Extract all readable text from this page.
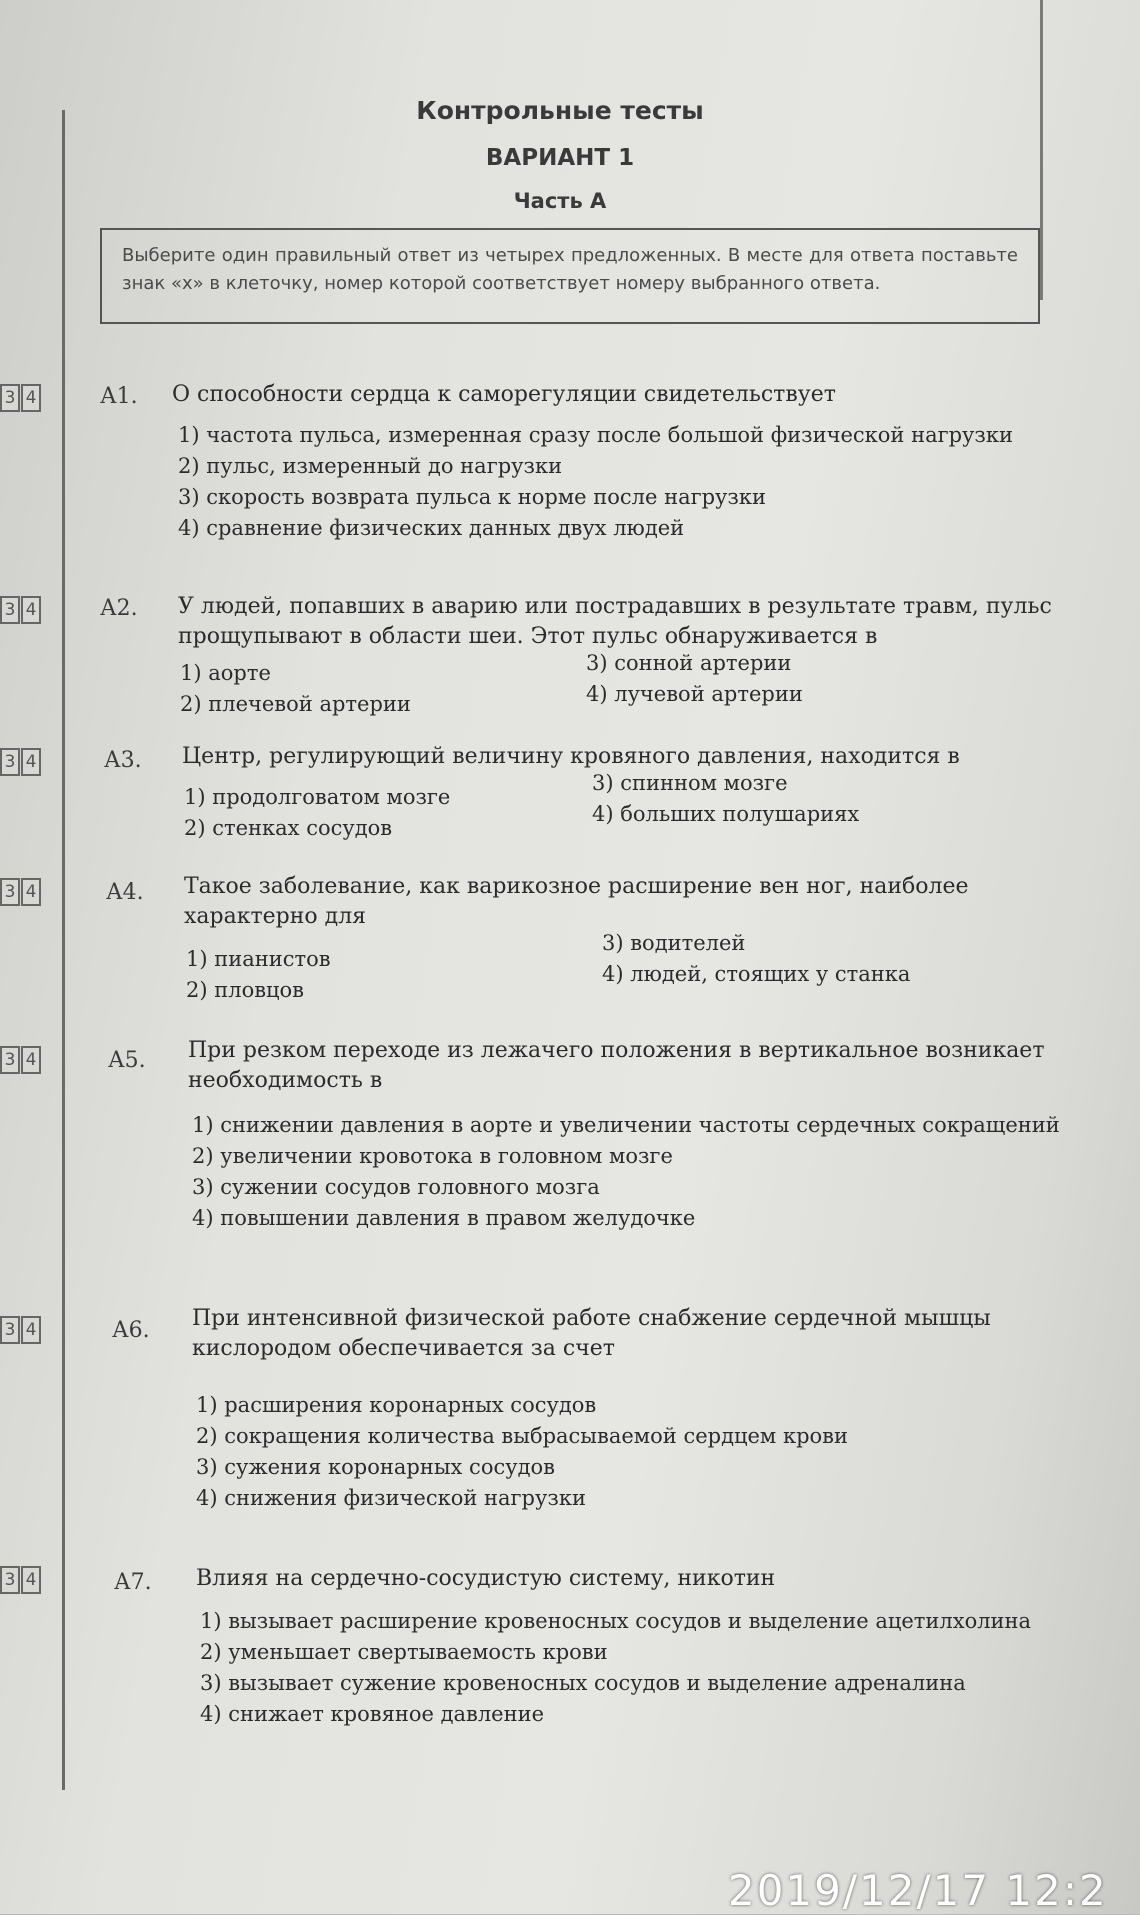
Контрольные тесты
ВАРИАНТ 1
Часть А
Выберите один правильный ответ из четырех предложенных. В месте для ответа поставьте знак «х» в клеточку, номер которой соответствует номеру выбранного ответа.
3 4	А1. О способности сердца к саморегуляции свидетельствует
1) частота пульса, измеренная сразу после большой физической нагрузки
2) пульс, измеренный до нагрузки
3) скорость возврата пульса к норме после нагрузки
4) сравнение физических данных двух людей
3 4	А2. У людей, попавших в аварию или пострадавших в результате травм, пульс прощупывают в области шеи. Этот пульс обнаруживается в
1) аорте
2) плечевой артерии
3) сонной артерии
4) лучевой артерии
3 4	А3. Центр, регулирующий величину кровяного давления, находится в
1) продолговатом мозге
2) стенках сосудов
3) спинном мозге
4) больших полушариях
3 4	А4. Такое заболевание, как варикозное расширение вен ног, наиболее характерно для
1) пианистов
2) пловцов
3) водителей
4) людей, стоящих у станка
3 4	А5. При резком переходе из лежачего положения в вертикальное возникает необходимость в
1) снижении давления в аорте и увеличении частоты сердечных сокращений
2) увеличении кровотока в головном мозге
3) сужении сосудов головного мозга
4) повышении давления в правом желудочке
3 4	А6. При интенсивной физической работе снабжение сердечной мышцы кислородом обеспечивается за счет
1) расширения коронарных сосудов
2) сокращения количества выбрасываемой сердцем крови
3) сужения коронарных сосудов
4) снижения физической нагрузки
3 4	А7. Влияя на сердечно-сосудистую систему, никотин
1) вызывает расширение кровеносных сосудов и выделение ацетилхолина
2) уменьшает свертываемость крови
3) вызывает сужение кровеносных сосудов и выделение адреналина
4) снижает кровяное давление
2019/12/17 12:2
